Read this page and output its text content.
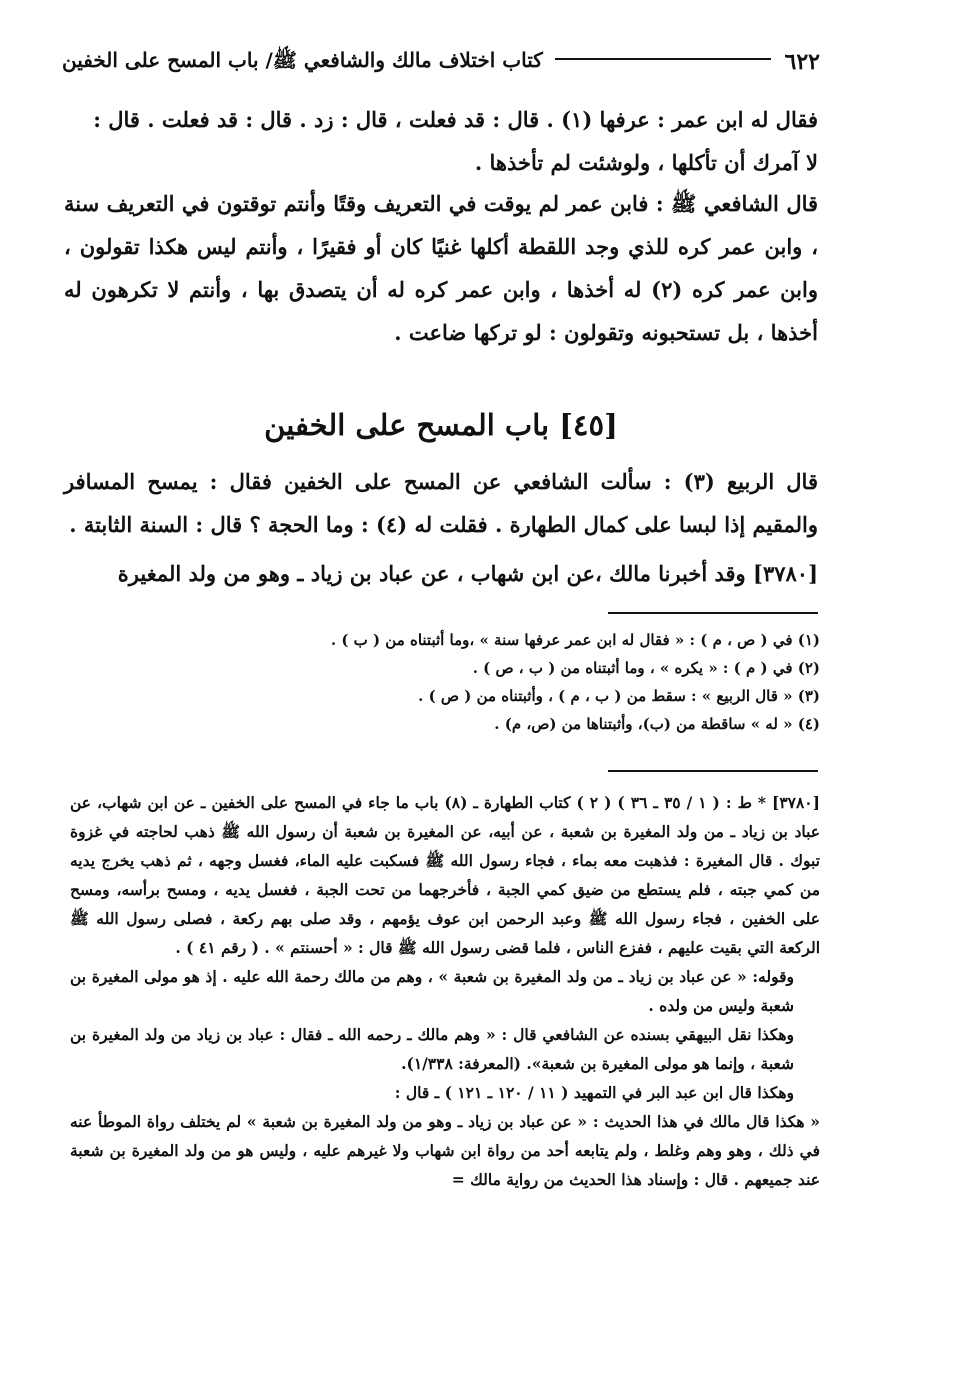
٦٢٢
كتاب اختلاف مالك والشافعي ﷺ/ باب المسح على الخفين

فقال له ابن عمر : عرفها (١) . قال : قد فعلت ، قال : زد . قال : قد فعلت . قال :

لا آمرك أن تأكلها ، ولوشئت لم تأخذها .

قال الشافعي ﷺ : فابن عمر لم يوقت في التعريف وقتًا وأنتم توقتون في التعريف سنة ، وابن عمر كره للذي وجد اللقطة أكلها غنيًا كان أو فقيرًا ، وأنتم ليس هكذا تقولون ، وابن عمر كره (٢) له أخذها ، وابن عمر كره له أن يتصدق بها ، وأنتم لا تكرهون له أخذها ، بل تستحبونه وتقولون : لو تركها ضاعت .

[٤٥] باب المسح على الخفين

قال الربيع (٣) : سألت الشافعي عن المسح على الخفين فقال : يمسح المسافر والمقيم إذا لبسا على كمال الطهارة . فقلت له (٤) : وما الحجة ؟ قال : السنة الثابتة .

[٣٧٨٠] وقد أخبرنا مالك ،عن ابن شهاب ، عن عباد بن زياد ـ وهو من ولد المغيرة

(١) في ( ص ، م ) : « فقال له ابن عمر عرفها سنة » ،وما أثبتناه من ( ب ) .
(٢) في ( م ) : « يكره » ، وما أثبتناه من ( ب ، ص ) .
(٣) « قال الربيع » : سقط من ( ب ، م ) ، وأثبتناه من ( ص ) .
(٤) « له » ساقطة من (ب)، وأثبتناها من (ص، م) .

[٣٧٨٠] * ط : ( ١ / ٣٥ ـ ٣٦ ) ( ٢ ) كتاب الطهارة ـ (٨) باب ما جاء في المسح على الخفين ـ عن ابن شهاب، عن عباد بن زياد ـ من ولد المغيرة بن شعبة ، عن أبيه، عن المغيرة بن شعبة أن رسول الله ﷺ ذهب لحاجته في غزوة تبوك . قال المغيرة : فذهبت معه بماء ، فجاء رسول الله ﷺ فسكبت عليه الماء، فغسل وجهه ، ثم ذهب يخرج يديه من كمي جبته ، فلم يستطع من ضيق كمي الجبة ، فأخرجهما من تحت الجبة ، فغسل يديه ، ومسح برأسه، ومسح على الخفين ، فجاء رسول الله ﷺ وعبد الرحمن ابن عوف يؤمهم ، وقد صلى بهم ركعة ، فصلى رسول الله ﷺ الركعة التي بقيت عليهم ، ففزع الناس ، فلما قضى رسول الله ﷺ قال : « أحسنتم » . ( رقم ٤١ ) .

وقوله: « عن عباد بن زياد ـ من ولد المغيرة بن شعبة » ، وهم من مالك رحمة الله عليه . إذ هو مولى المغيرة بن شعبة وليس من ولده .

وهكذا نقل البيهقي بسنده عن الشافعي قال : « وهم مالك ـ رحمه الله ـ فقال : عباد بن زياد من ولد المغيرة بن شعبة ، وإنما هو مولى المغيرة بن شعبة». (المعرفة: ١/٣٣٨).

وهكذا قال ابن عبد البر في التمهيد ( ١١ / ١٢٠ ـ ١٢١ ) ـ قال :

« هكذا قال مالك في هذا الحديث : « عن عباد بن زياد ـ وهو من ولد المغيرة بن شعبة » لم يختلف رواة الموطأ عنه في ذلك ، وهو وهم وغلط ، ولم يتابعه أحد من رواة ابن شهاب ولا غيرهم عليه ، وليس هو من ولد المغيرة بن شعبة عند جميعهم . قال : وإسناد هذا الحديث من رواية مالك =
